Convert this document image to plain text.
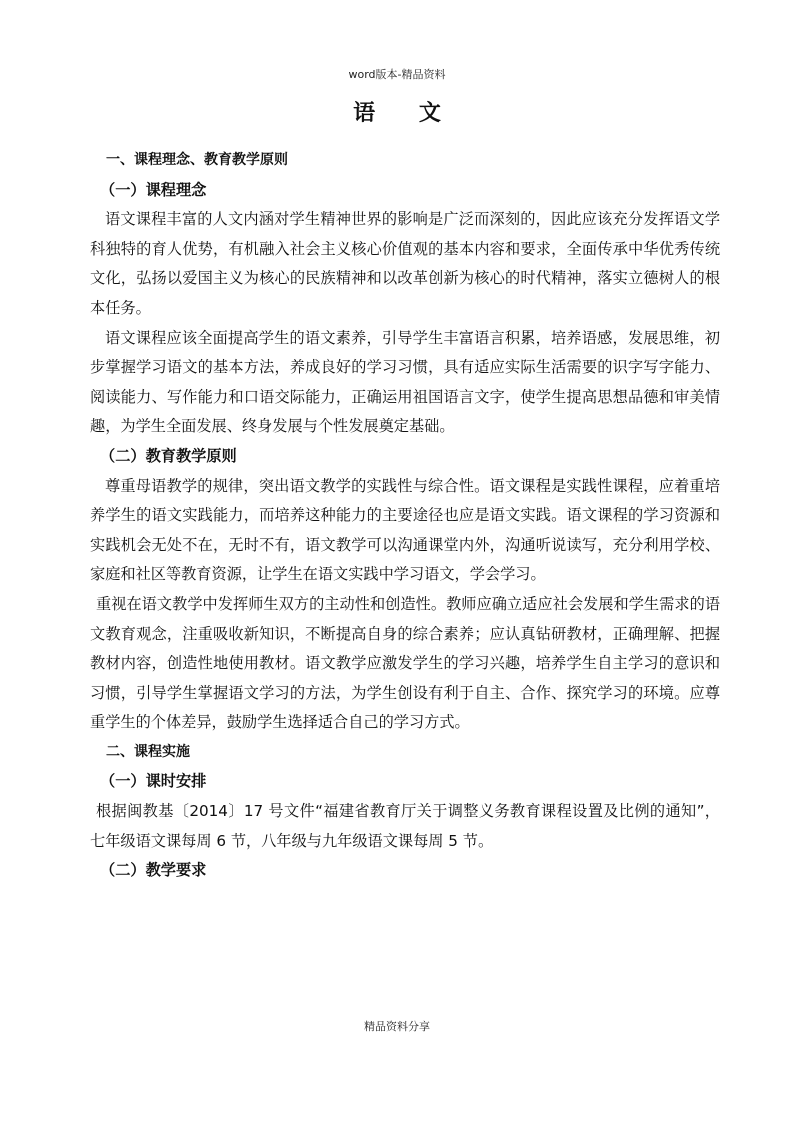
word版本-精品资料
语 文
一、课程理念、教育教学原则
（一）课程理念
语文课程丰富的人文内涵对学生精神世界的影响是广泛而深刻的，因此应该充分发挥语文学科独特的育人优势，有机融入社会主义核心价值观的基本内容和要求，全面传承中华优秀传统文化，弘扬以爱国主义为核心的民族精神和以改革创新为核心的时代精神，落实立德树人的根本任务。
语文课程应该全面提高学生的语文素养，引导学生丰富语言积累，培养语感，发展思维，初步掌握学习语文的基本方法，养成良好的学习习惯，具有适应实际生活需要的识字写字能力、阅读能力、写作能力和口语交际能力，正确运用祖国语言文字，使学生提高思想品德和审美情趣，为学生全面发展、终身发展与个性发展奠定基础。
（二）教育教学原则
尊重母语教学的规律，突出语文教学的实践性与综合性。语文课程是实践性课程，应着重培养学生的语文实践能力，而培养这种能力的主要途径也应是语文实践。语文课程的学习资源和实践机会无处不在，无时不有，语文教学可以沟通课堂内外，沟通听说读写，充分利用学校、家庭和社区等教育资源，让学生在语文实践中学习语文，学会学习。
重视在语文教学中发挥师生双方的主动性和创造性。教师应确立适应社会发展和学生需求的语文教育观念，注重吸收新知识，不断提高自身的综合素养；应认真钻研教材，正确理解、把握教材内容，创造性地使用教材。语文教学应激发学生的学习兴趣，培养学生自主学习的意识和习惯，引导学生掌握语文学习的方法，为学生创设有利于自主、合作、探究学习的环境。应尊重学生的个体差异，鼓励学生选择适合自己的学习方式。
二、课程实施
（一）课时安排
根据闽教基〔2014〕17 号文件“福建省教育厅关于调整义务教育课程设置及比例的通知”，七年级语文课每周 6 节，八年级与九年级语文课每周 5 节。
（二）教学要求
精品资料分享
